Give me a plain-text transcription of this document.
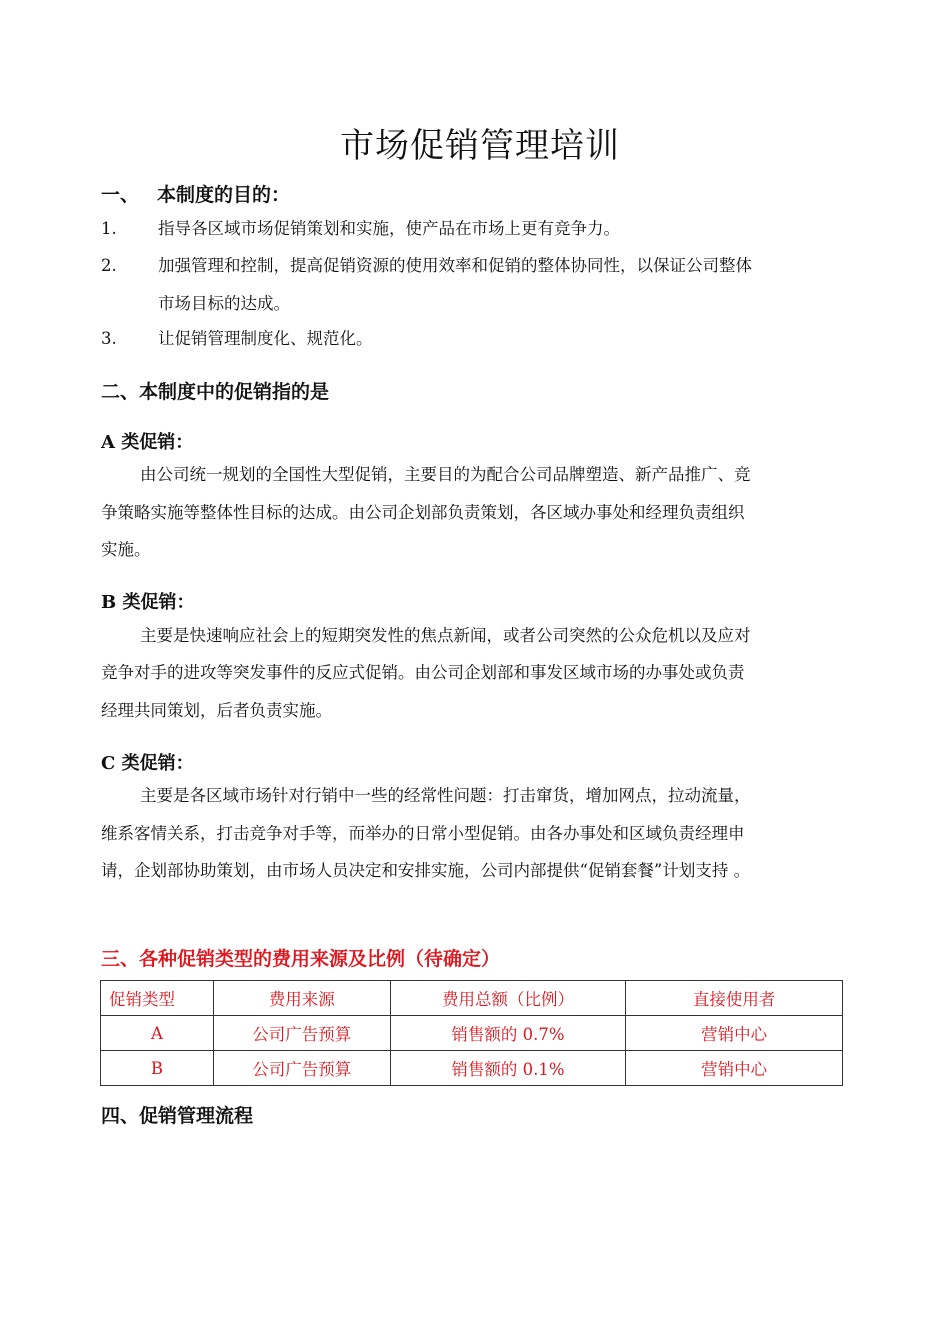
市场促销管理培训
一、 本制度的目的：
1.	指导各区域市场促销策划和实施，使产品在市场上更有竞争力。
2.	加强管理和控制，提高促销资源的使用效率和促销的整体协同性，以保证公司整体
市场目标的达成。
3.	让促销管理制度化、规范化。
二、本制度中的促销指的是
A 类促销：

由公司统一规划的全国性大型促销，主要目的为配合公司品牌塑造、新产品推广、竞

争策略实施等整体性目标的达成。由公司企划部负责策划，各区域办事处和经理负责组织

实施。

B 类促销：

主要是快速响应社会上的短期突发性的焦点新闻，或者公司突然的公众危机以及应对

竞争对手的进攻等突发事件的反应式促销。由公司企划部和事发区域市场的办事处或负责

经理共同策划，后者负责实施。

C 类促销：

主要是各区域市场针对行销中一些的经常性问题：打击窜货，增加网点，拉动流量，

维系客情关系，打击竞争对手等，而举办的日常小型促销。由各办事处和区域负责经理申

请，企划部协助策划，由市场人员决定和安排实施，公司内部提供“促销套餐”计划支持 。

三、各种促销类型的费用来源及比例（待确定）
促销类型	费用来源	费用总额（比例）	直接使用者
A	公司广告预算	销售额的 0.7%	营销中心
B	公司广告预算	销售额的 0.1%	营销中心
四、促销管理流程
